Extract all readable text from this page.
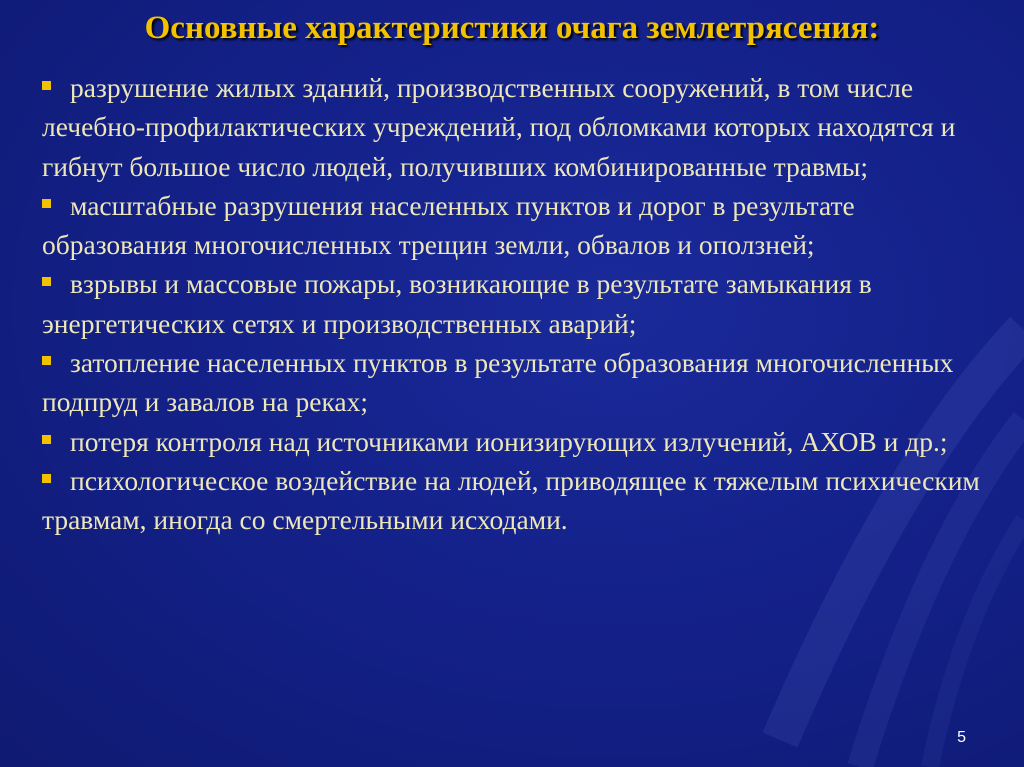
Основные характеристики очага землетрясения:
разрушение жилых зданий, производственных сооружений, в том числе лечебно-профилактических учреждений, под обломками которых находятся и гибнут большое число людей, получивших комбинированные травмы;
масштабные разрушения населенных пунктов и дорог в результате образования многочисленных трещин земли, обвалов и оползней;
взрывы и массовые пожары, возникающие в результате замыкания в энергетических сетях и производственных аварий;
затопление населенных пунктов в результате образования многочисленных подпруд и завалов на реках;
потеря контроля над источниками ионизирующих излучений, АХОВ и др.;
психологическое воздействие на людей, приводящее к тяжелым психическим травмам, иногда со смертельными исходами.
5
